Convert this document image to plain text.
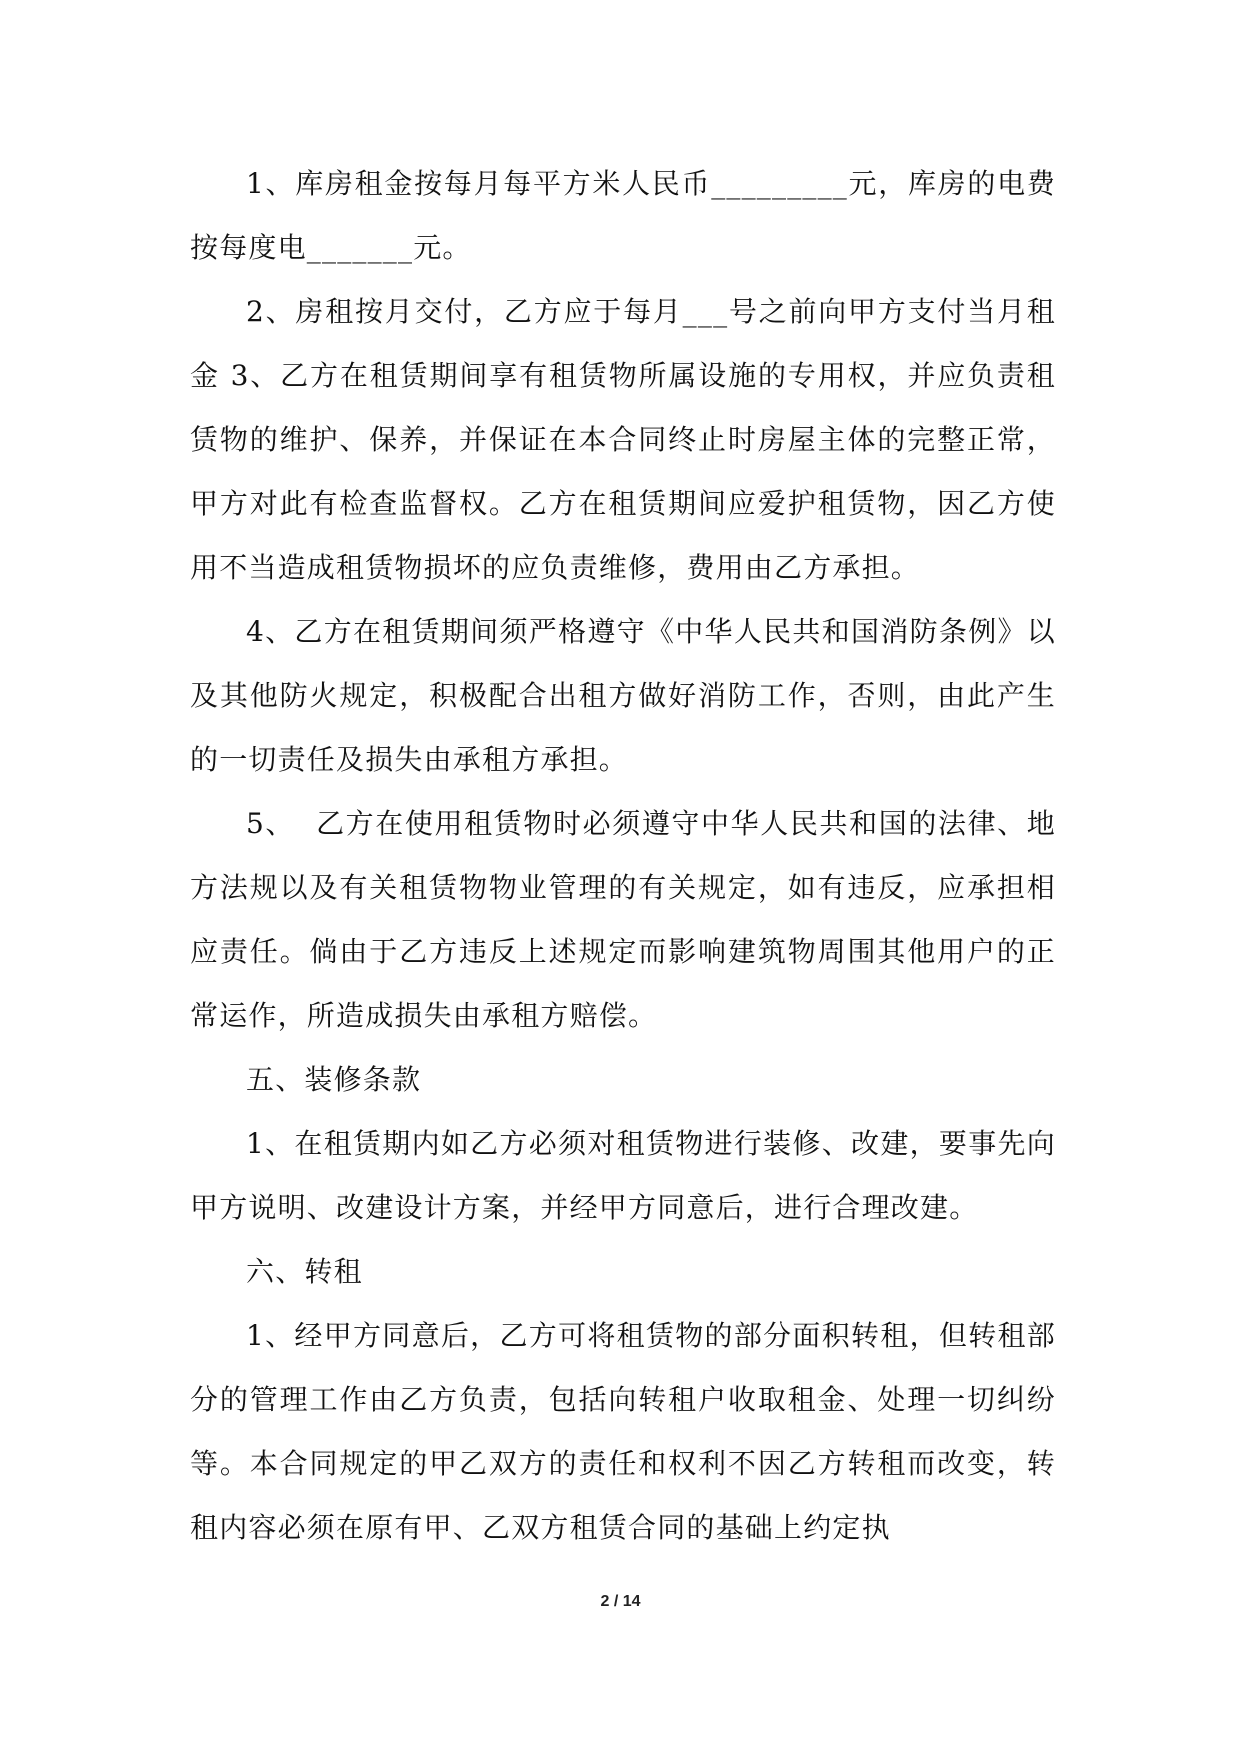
1、库房租金按每月每平方米人民币_________元，库房的电费按每度电_______元。

2、房租按月交付，乙方应于每月___号之前向甲方支付当月租金 3、乙方在租赁期间享有租赁物所属设施的专用权，并应负责租赁物的维护、保养，并保证在本合同终止时房屋主体的完整正常，甲方对此有检查监督权。乙方在租赁期间应爱护租赁物，因乙方使用不当造成租赁物损坏的应负责维修，费用由乙方承担。

4、乙方在租赁期间须严格遵守《中华人民共和国消防条例》以及其他防火规定，积极配合出租方做好消防工作，否则，由此产生的一切责任及损失由承租方承担。

5、  乙方在使用租赁物时必须遵守中华人民共和国的法律、地方法规以及有关租赁物物业管理的有关规定，如有违反，应承担相应责任。倘由于乙方违反上述规定而影响建筑物周围其他用户的正常运作，所造成损失由承租方赔偿。

五、装修条款

1、在租赁期内如乙方必须对租赁物进行装修、改建，要事先向甲方说明、改建设计方案，并经甲方同意后，进行合理改建。

六、转租

1、经甲方同意后，乙方可将租赁物的部分面积转租，但转租部分的管理工作由乙方负责，包括向转租户收取租金、处理一切纠纷等。本合同规定的甲乙双方的责任和权利不因乙方转租而改变，转租内容必须在原有甲、乙双方租赁合同的基础上约定执

2 / 14
